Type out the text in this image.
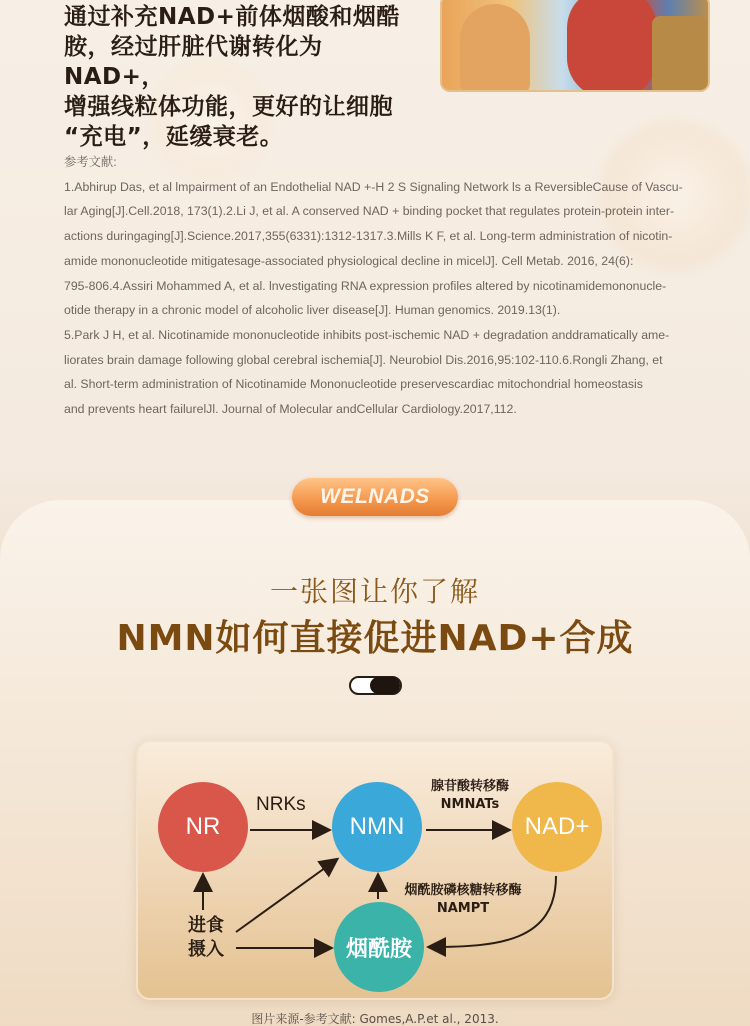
通过补充NAD+前体烟酸和烟酷
胺，经过肝脏代谢转化为NAD+，
增强线粒体功能，更好的让细胞
“充电”，延缓衰老。
参考文献:
1.Abhirup Das, et al lmpairment of an Endothelial NAD +-H 2 S Signaling Network ls a ReversibleCause of Vascu-
lar Aging[J].Cell.2018, 173(1).2.Li J, et al. A conserved NAD + binding pocket that regulates protein-protein inter-
actions duringaging[J].Science.2017,355(6331):1312-1317.3.Mills K F, et al. Long-term administration of nicotin-
amide mononucleotide mitigatesage-associated physiological decline in micelJ]. Cell Metab. 2016, 24(6):
795-806.4.Assiri Mohammed A, et al. lnvestigating RNA expression profiles altered by nicotinamidemononucle-
otide therapy in a chronic model of alcoholic liver disease[J]. Human genomics. 2019.13(1).
5.Park J H, et al. Nicotinamide mononucleotide inhibits post-ischemic NAD + degradation anddramatically ame-
liorates brain damage following global cerebral ischemia[J]. Neurobiol Dis.2016,95:102-110.6.Rongli Zhang, et
al. Short-term administration of Nicotinamide Mononucleotide preservescardiac mitochondrial homeostasis
and prevents heart failurelJl. Journal of Molecular andCellular Cardiology.2017,112.
WELNADS
一张图让你了解
NMN如何直接促进NAD+合成
NR	NMN	NAD+
烟酰胺
NRKs
腺苷酸转移酶
NMNATs
烟酰胺磷核糖转移酶
NAMPT
进食
摄入
图片来源-参考文献: Gomes,A.P.et al., 2013.
